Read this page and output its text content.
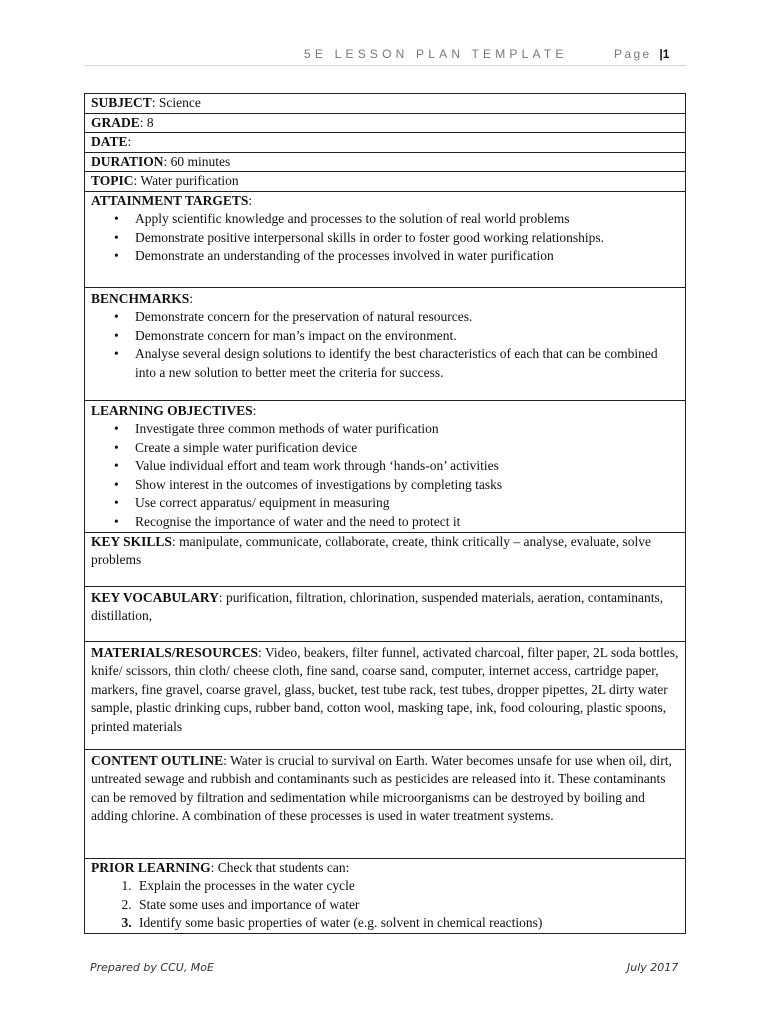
5E LESSON PLAN TEMPLATE	Page |1
SUBJECT: Science
GRADE: 8
DATE:
DURATION: 60 minutes
TOPIC: Water purification
ATTAINMENT TARGETS:
• Apply scientific knowledge and processes to the solution of real world problems
• Demonstrate positive interpersonal skills in order to foster good working relationships.
• Demonstrate an understanding of the processes involved in water purification

BENCHMARKS:
• Demonstrate concern for the preservation of natural resources.
• Demonstrate concern for man’s impact on the environment.
• Analyse several design solutions to identify the best characteristics of each that can be combined into a new solution to better meet the criteria for success.

LEARNING OBJECTIVES:
• Investigate three common methods of water purification
• Create a simple water purification device
• Value individual effort and team work through ‘hands-on’ activities
• Show interest in the outcomes of investigations by completing tasks
• Use correct apparatus/ equipment in measuring
• Recognise the importance of water and the need to protect it

KEY SKILLS: manipulate, communicate, collaborate, create, think critically – analyse, evaluate, solve problems
KEY VOCABULARY: purification, filtration, chlorination, suspended materials, aeration, contaminants, distillation,
MATERIALS/RESOURCES: Video, beakers, filter funnel, activated charcoal, filter paper, 2L soda bottles, knife/ scissors, thin cloth/ cheese cloth, fine sand, coarse sand, computer, internet access, cartridge paper, markers, fine gravel, coarse gravel, glass, bucket, test tube rack, test tubes, dropper pipettes, 2L dirty water sample, plastic drinking cups, rubber band, cotton wool, masking tape, ink, food colouring, plastic spoons, printed materials
CONTENT OUTLINE: Water is crucial to survival on Earth. Water becomes unsafe for use when oil, dirt, untreated sewage and rubbish and contaminants such as pesticides are released into it. These contaminants can be removed by filtration and sedimentation while microorganisms can be destroyed by boiling and adding chlorine. A combination of these processes is used in water treatment systems.
PRIOR LEARNING: Check that students can:
1. Explain the processes in the water cycle
2. State some uses and importance of water
3. Identify some basic properties of water (e.g. solvent in chemical reactions)
Prepared by CCU, MoE	July 2017
